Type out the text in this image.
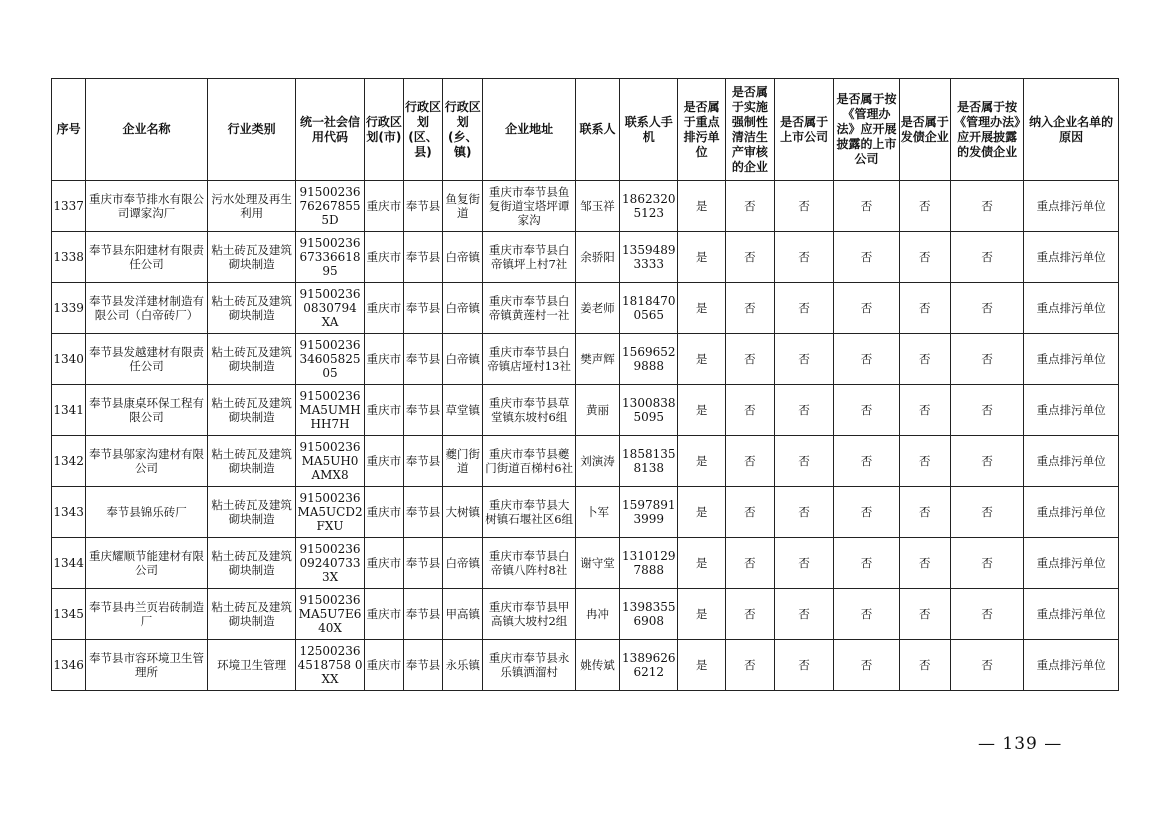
序号	企业名称	行业类别	统一社会信用代码	行政区划(市)	行政区划(区、县)	行政区划(乡、镇)	企业地址	联系人	联系人手机	是否属于重点排污单位	是否属于实施强制性清洁生产审核的企业	是否属于上市公司	是否属于按《管理办法》应开展披露的上市公司	是否属于发债企业	是否属于按《管理办法》应开展披露的发债企业	纳入企业名单的原因
1337	重庆市奉节排水有限公司谭家沟厂	污水处理及再生利用	91500236762678555D	重庆市	奉节县	鱼复街道	重庆市奉节县鱼复街道宝塔坪谭家沟	邹玉祥	18623205123	是	否	否	否	否	否	重点排污单位
1338	奉节县东阳建材有限责任公司	粘土砖瓦及建筑砌块制造	915002366733661895	重庆市	奉节县	白帝镇	重庆市奉节县白帝镇坪上村7社	余骄阳	13594893333	是	否	否	否	否	否	重点排污单位
1339	奉节县发洋建材制造有限公司（白帝砖厂）	粘土砖瓦及建筑砌块制造	915002360830794 XA	重庆市	奉节县	白帝镇	重庆市奉节县白帝镇黄莲村一社	姜老师	18184700565	是	否	否	否	否	否	重点排污单位
1340	奉节县发越建材有限责任公司	粘土砖瓦及建筑砌块制造	915002363460582505	重庆市	奉节县	白帝镇	重庆市奉节县白帝镇店垭村13社	樊声辉	15696529888	是	否	否	否	否	否	重点排污单位
1341	奉节县康桌环保工程有限公司	粘土砖瓦及建筑砌块制造	91500236MA5UMHHH7H	重庆市	奉节县	草堂镇	重庆市奉节县草堂镇东坡村6组	黄丽	13008385095	是	否	否	否	否	否	重点排污单位
1342	奉节县邬家沟建材有限公司	粘土砖瓦及建筑砌块制造	91500236MA5UH0AMX8	重庆市	奉节县	夔门街道	重庆市奉节县夔门街道百梯村6社	刘演涛	18581358138	是	否	否	否	否	否	重点排污单位
1343	奉节县锦乐砖厂	粘土砖瓦及建筑砌块制造	91500236MA5UCD2FXU	重庆市	奉节县	大树镇	重庆市奉节县大树镇石堰社区6组	卜军	15978913999	是	否	否	否	否	否	重点排污单位
1344	重庆耀顺节能建材有限公司	粘土砖瓦及建筑砌块制造	91500236092407333X	重庆市	奉节县	白帝镇	重庆市奉节县白帝镇八阵村8社	谢守堂	13101297888	是	否	否	否	否	否	重点排污单位
1345	奉节县冉兰页岩砖制造厂	粘土砖瓦及建筑砌块制造	91500236MA5U7E640X	重庆市	奉节县	甲高镇	重庆市奉节县甲高镇大坡村2组	冉冲	13983556908	是	否	否	否	否	否	重点排污单位
1346	奉节县市容环境卫生管理所	环境卫生管理	125002364518758 0XX	重庆市	奉节县	永乐镇	重庆市奉节县永乐镇洒溜村	姚传斌	13896266212	是	否	否	否	否	否	重点排污单位
— 139 —
